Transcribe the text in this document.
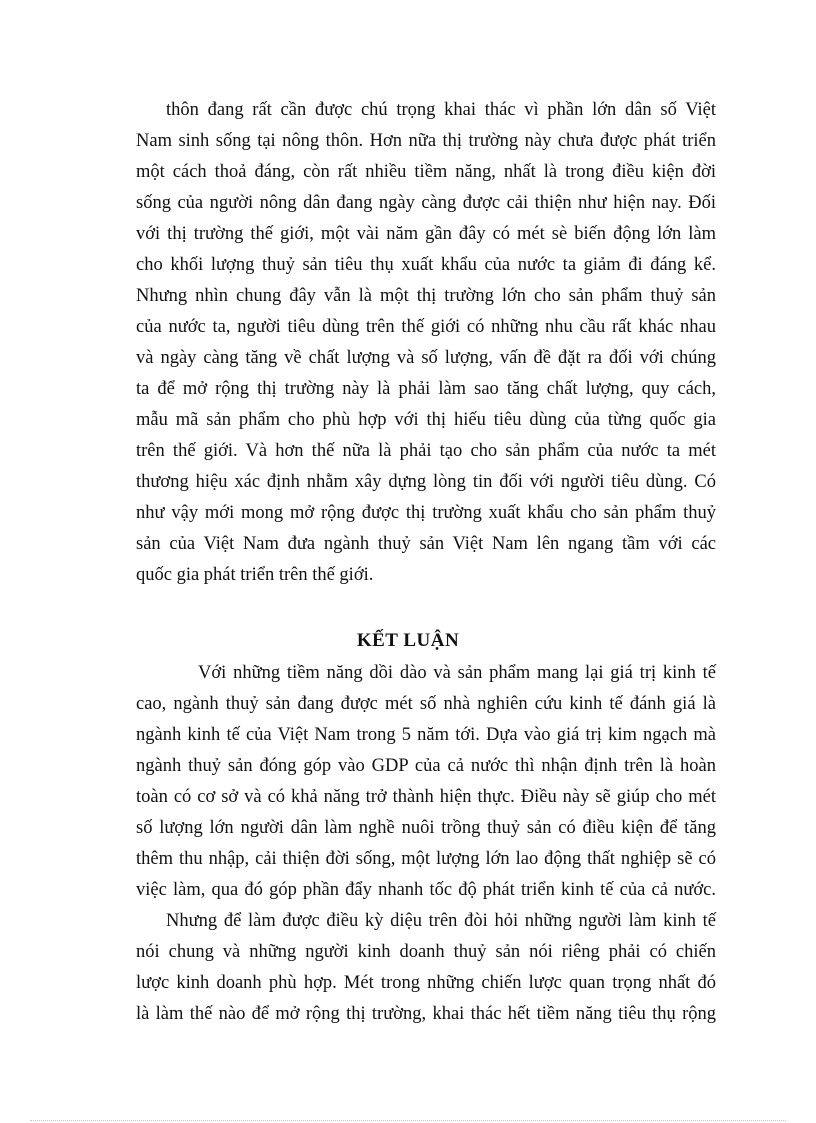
thôn đang rất cần được chú trọng khai thác vì phần lớn dân số Việt
Nam sinh sống tại nông thôn. Hơn nữa thị trường này chưa được phát triển
một cách thoả đáng, còn rất nhiều tiềm năng, nhất là trong điều kiện đời
sống của người nông dân đang ngày càng được cải thiện như hiện nay. Đối
với thị trường thế giới, một vài năm gần đây có mét sè biến động lớn làm
cho khối lượng thuỷ sản tiêu thụ xuất khẩu của nước ta giảm đi đáng kể.
Nhưng nhìn chung đây vẫn là một thị trường lớn cho sản phẩm thuỷ sản
của nước ta, người tiêu dùng trên thế giới có những nhu cầu rất khác nhau
và ngày càng tăng về chất lượng và số lượng, vấn đề đặt ra đối với chúng
ta để mở rộng thị trường này là phải làm sao tăng chất lượng, quy cách,
mẫu mã sản phẩm cho phù hợp với thị hiếu tiêu dùng của từng quốc gia
trên thế giới. Và hơn thế nữa là phải tạo cho sản phẩm của nước ta mét
thương hiệu xác định nhằm xây dựng lòng tin đối với người tiêu dùng. Có
như vậy mới mong mở rộng được thị trường xuất khẩu cho sản phẩm thuỷ
sản của Việt Nam đưa ngành thuỷ sản Việt Nam lên ngang tầm với các
quốc gia phát triển trên thế giới.
KẾT LUẬN
Với những tiềm năng dồi dào và sản phẩm mang lại giá trị kinh tế
cao, ngành thuỷ sản đang được mét số nhà nghiên cứu kinh tế đánh giá là
ngành kinh tế của Việt Nam trong 5 năm tới. Dựa vào giá trị kim ngạch mà
ngành thuỷ sản đóng góp vào GDP của cả nước thì nhận định trên là hoàn
toàn có cơ sở và có khả năng trở thành hiện thực. Điều này sẽ giúp cho mét
số lượng lớn người dân làm nghề nuôi trồng thuỷ sản có điều kiện để tăng
thêm thu nhập, cải thiện đời sống, một lượng lớn lao động thất nghiệp sẽ có
việc làm, qua đó góp phần đẩy nhanh tốc độ phát triển kinh tế của cả nước.
Nhưng để làm được điều kỳ diệu trên đòi hỏi những người làm kinh tế
nói chung và những người kinh doanh thuỷ sản nói riêng phải có chiến
lược kinh doanh phù hợp. Mét trong những chiến lược quan trọng nhất đó
là làm thế nào để mở rộng thị trường, khai thác hết tiềm năng tiêu thụ rộng
